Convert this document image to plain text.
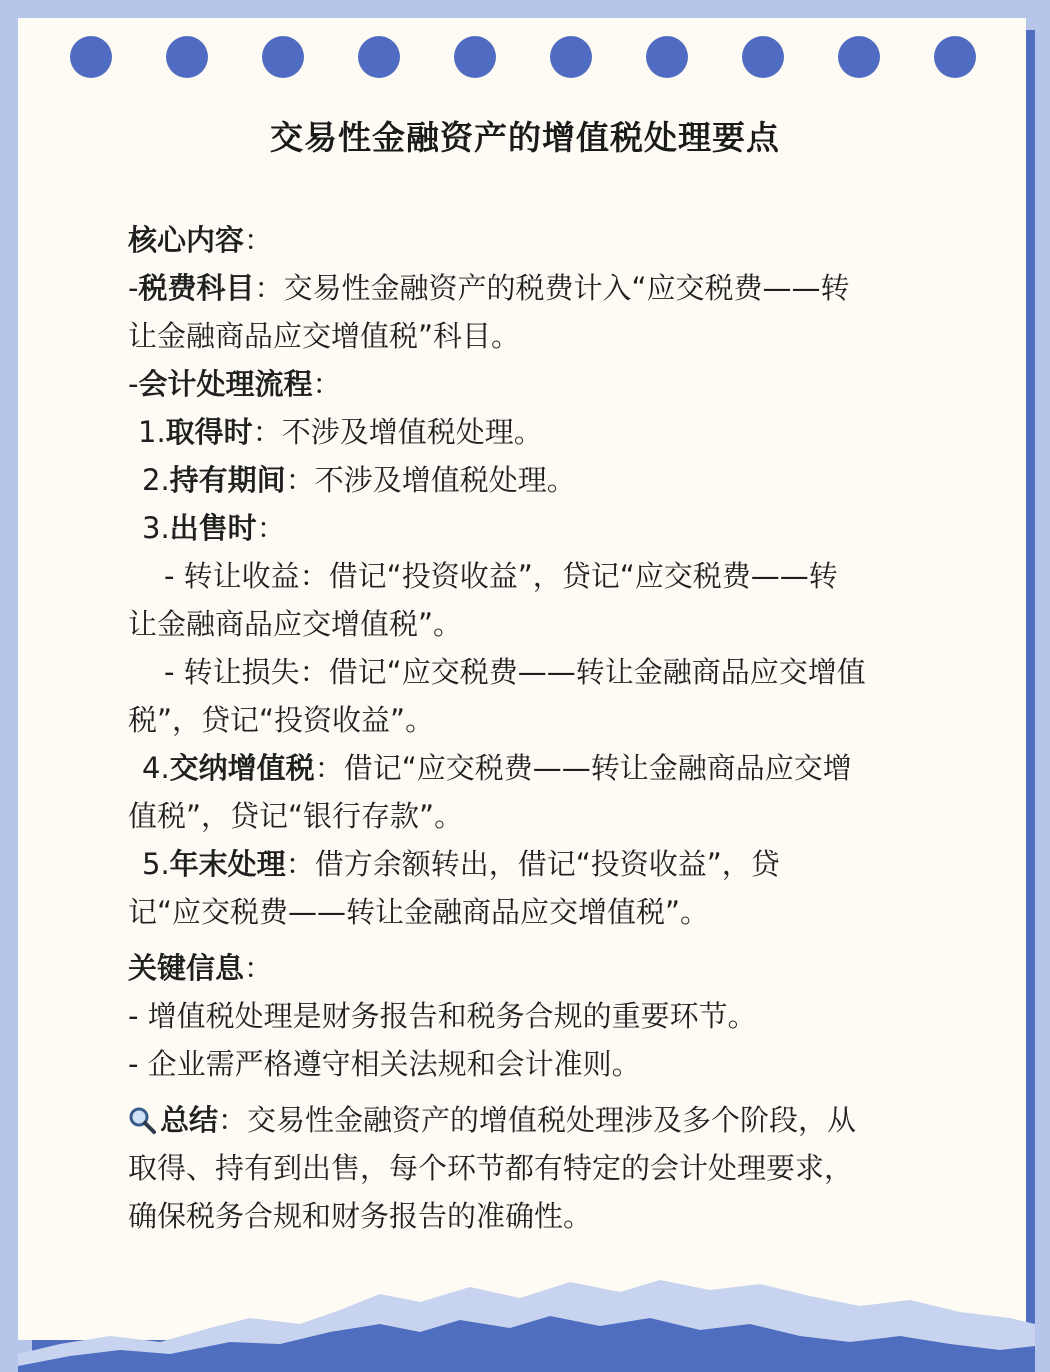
交易性金融资产的增值税处理要点
核心内容：
-税费科目：交易性金融资产的税费计入“应交税费——转
让金融商品应交增值税”科目。
-会计处理流程：
1.取得时：不涉及增值税处理。
2.持有期间：不涉及增值税处理。
3.出售时：
- 转让收益：借记“投资收益”，贷记“应交税费——转
让金融商品应交增值税”。
- 转让损失：借记“应交税费——转让金融商品应交增值
税”，贷记“投资收益”。
4.交纳增值税：借记“应交税费——转让金融商品应交增
值税”，贷记“银行存款”。
5.年末处理：借方余额转出，借记“投资收益”，贷
记“应交税费——转让金融商品应交增值税”。
关键信息：
- 增值税处理是财务报告和税务合规的重要环节。
- 企业需严格遵守相关法规和会计准则。
总结：交易性金融资产的增值税处理涉及多个阶段，从
取得、持有到出售，每个环节都有特定的会计处理要求，
确保税务合规和财务报告的准确性。
